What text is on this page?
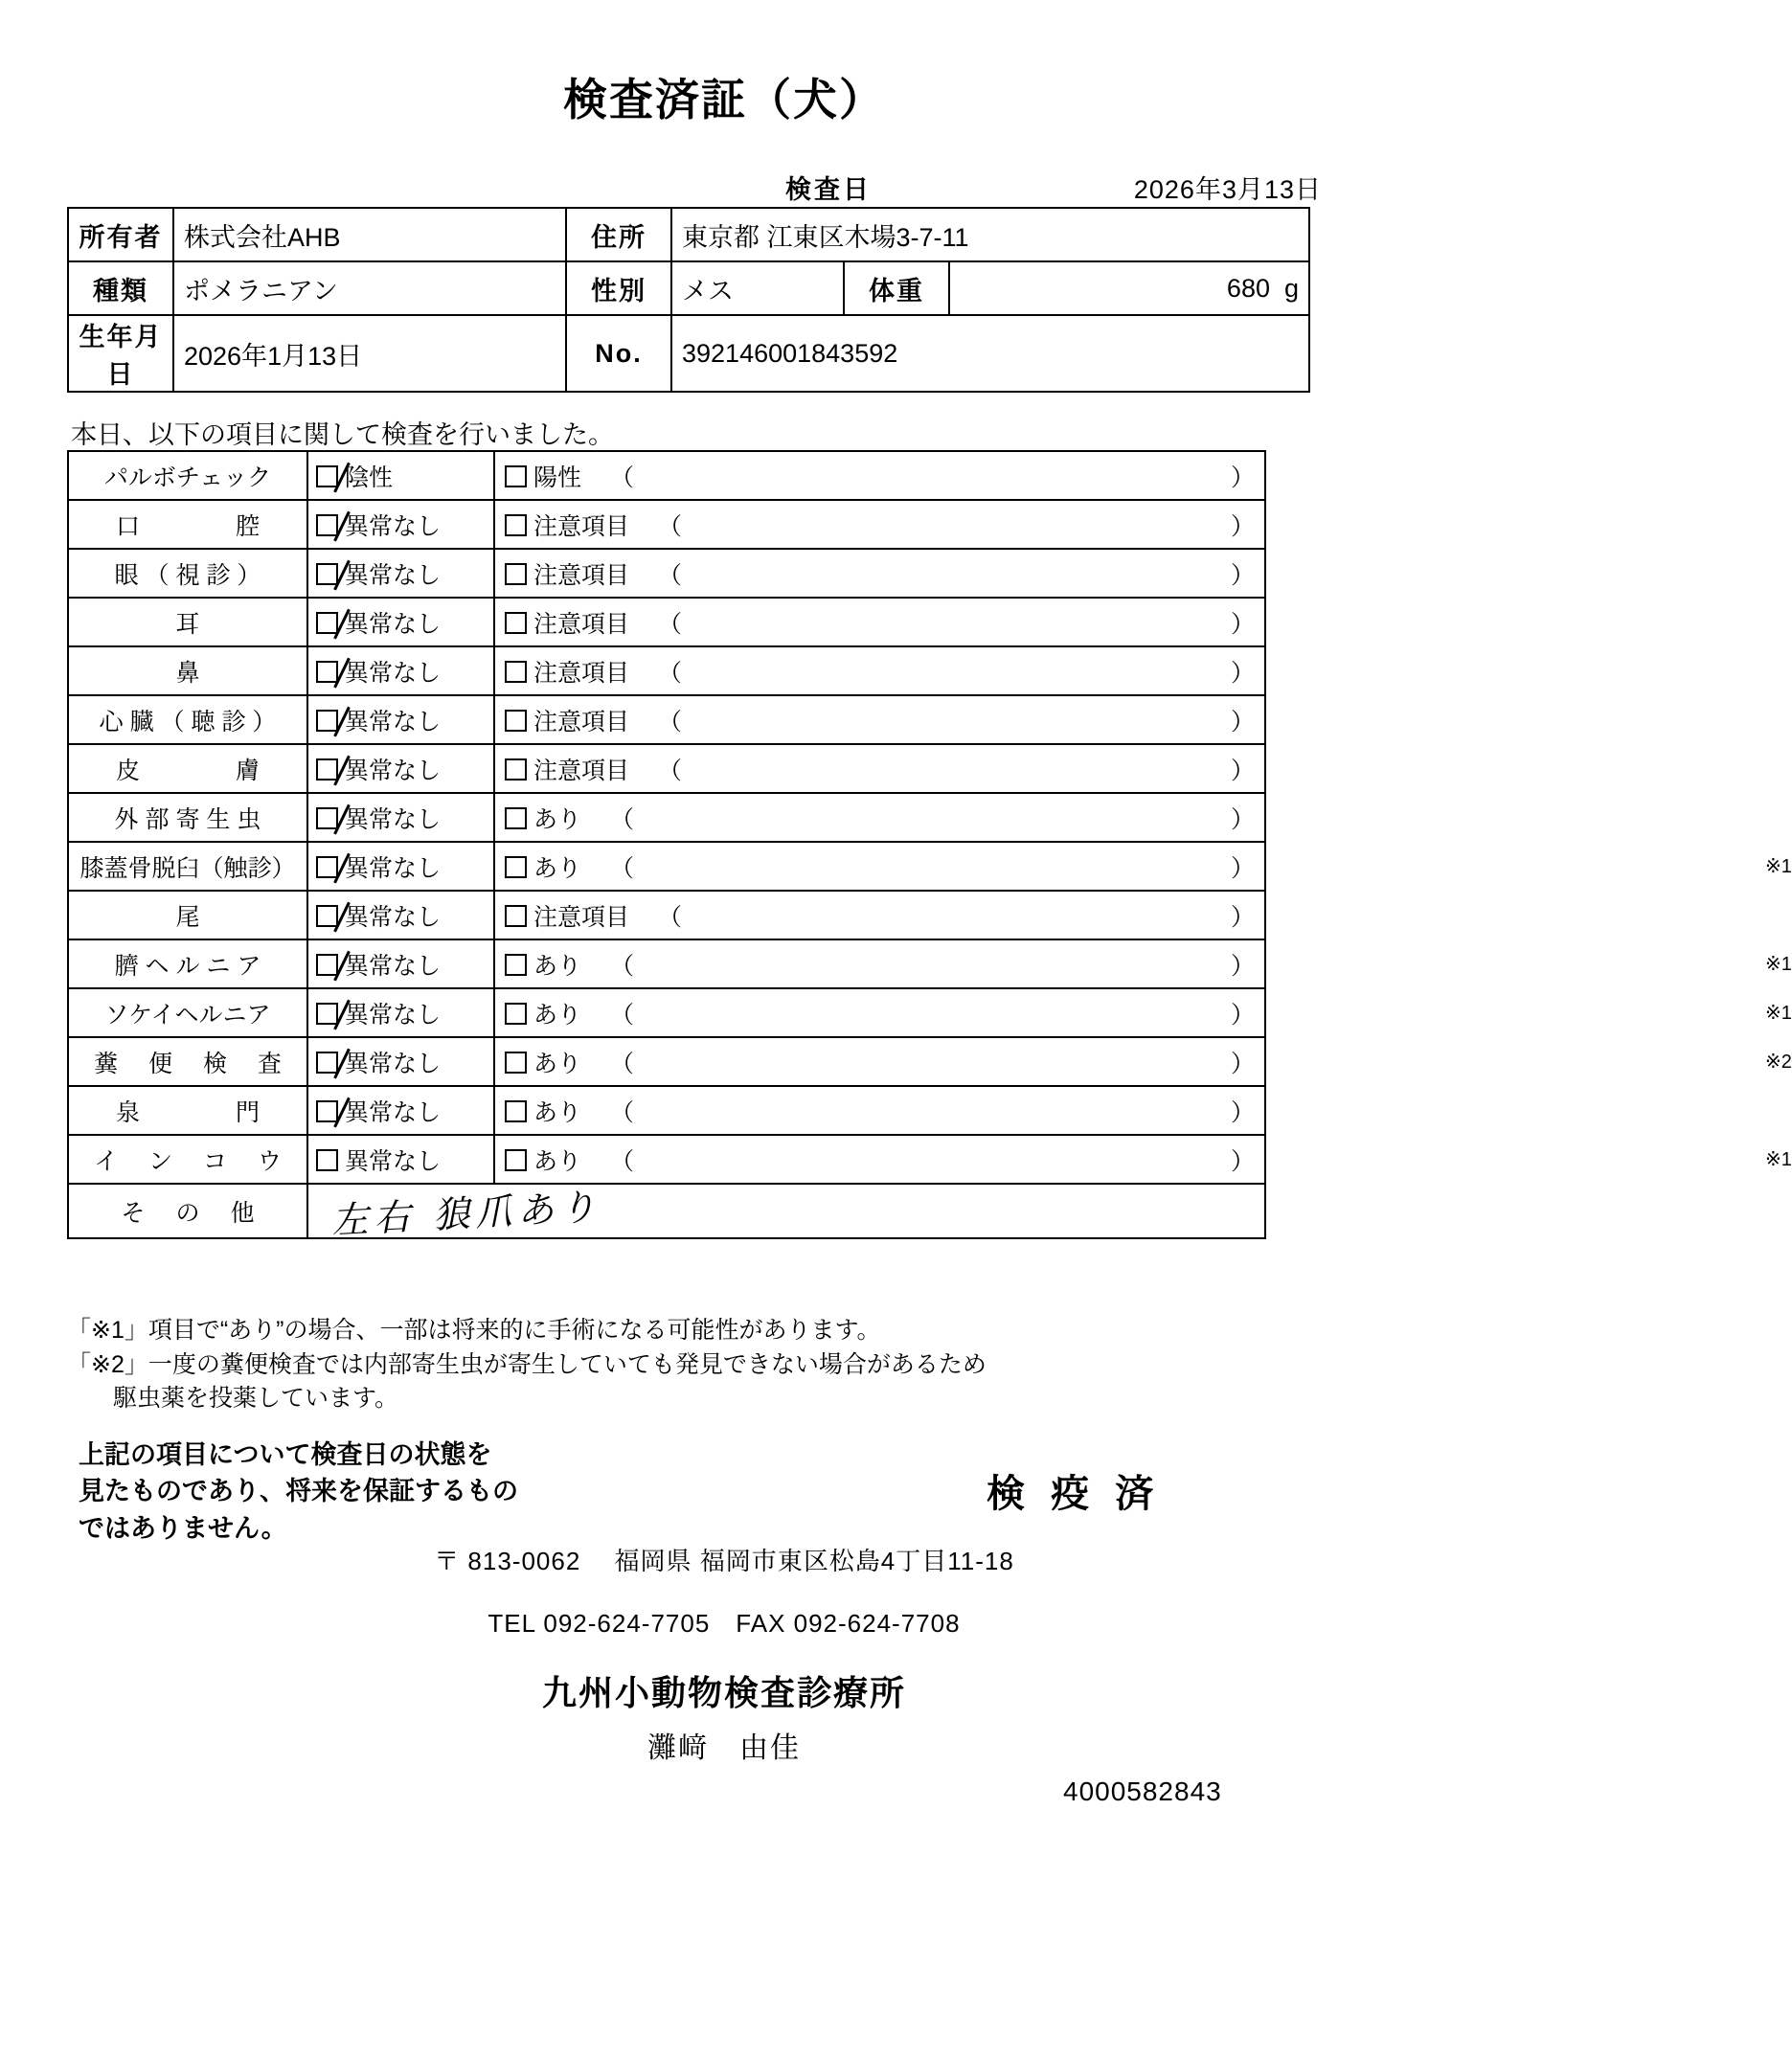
検査済証（犬）
検査日	2026年3月13日
所有者	株式会社AHB	住所	東京都 江東区木場3-7-11		
種類	ポメラニアン	性別	メス	体重	680 g
生年月日	2026年1月13日	No.	392146001843592		
本日、以下の項目に関して検査を行いました。
パルボチェック	陰性	陽性 （ ）

口　　　　腔	異常なし	注意項目 （ ）

眼 （ 視 診 ）	異常なし	注意項目 （ ）

耳	異常なし	注意項目 （ ）

鼻	異常なし	注意項目 （ ）

心 臓 （ 聴 診 ）	異常なし	注意項目 （ ）

皮　　　　膚	異常なし	注意項目 （ ）

外 部 寄 生 虫	異常なし	あり （ ）

膝蓋骨脱臼（触診）	異常なし	あり （ ） ※1

尾	異常なし	注意項目 （ ）

臍 ヘ ル ニ ア	異常なし	あり （ ） ※1

ソケイヘルニア	異常なし	あり （ ） ※1

糞 　便 　検 　査	異常なし	あり （ ） ※2

泉　　　　門	異常なし	あり （ ）

イ 　ン 　コ 　ウ	異常なし	あり （ ） ※1

そ 　の 　他	左右 狼爪あり	
「※1」項目で“あり”の場合、一部は将来的に手術になる可能性があります。
「※2」一度の糞便検査では内部寄生虫が寄生していても発見できない場合があるため
駆虫薬を投薬しています。
上記の項目について検査日の状態を
見たものであり、将来を保証するもの
ではありません。
検 疫 済
〒 813-0062 　福岡県 福岡市東区松島4丁目11-18
TEL 092-624-7705　FAX 092-624-7708
九州小動物検査診療所
灘﨑　由佳
4000582843
